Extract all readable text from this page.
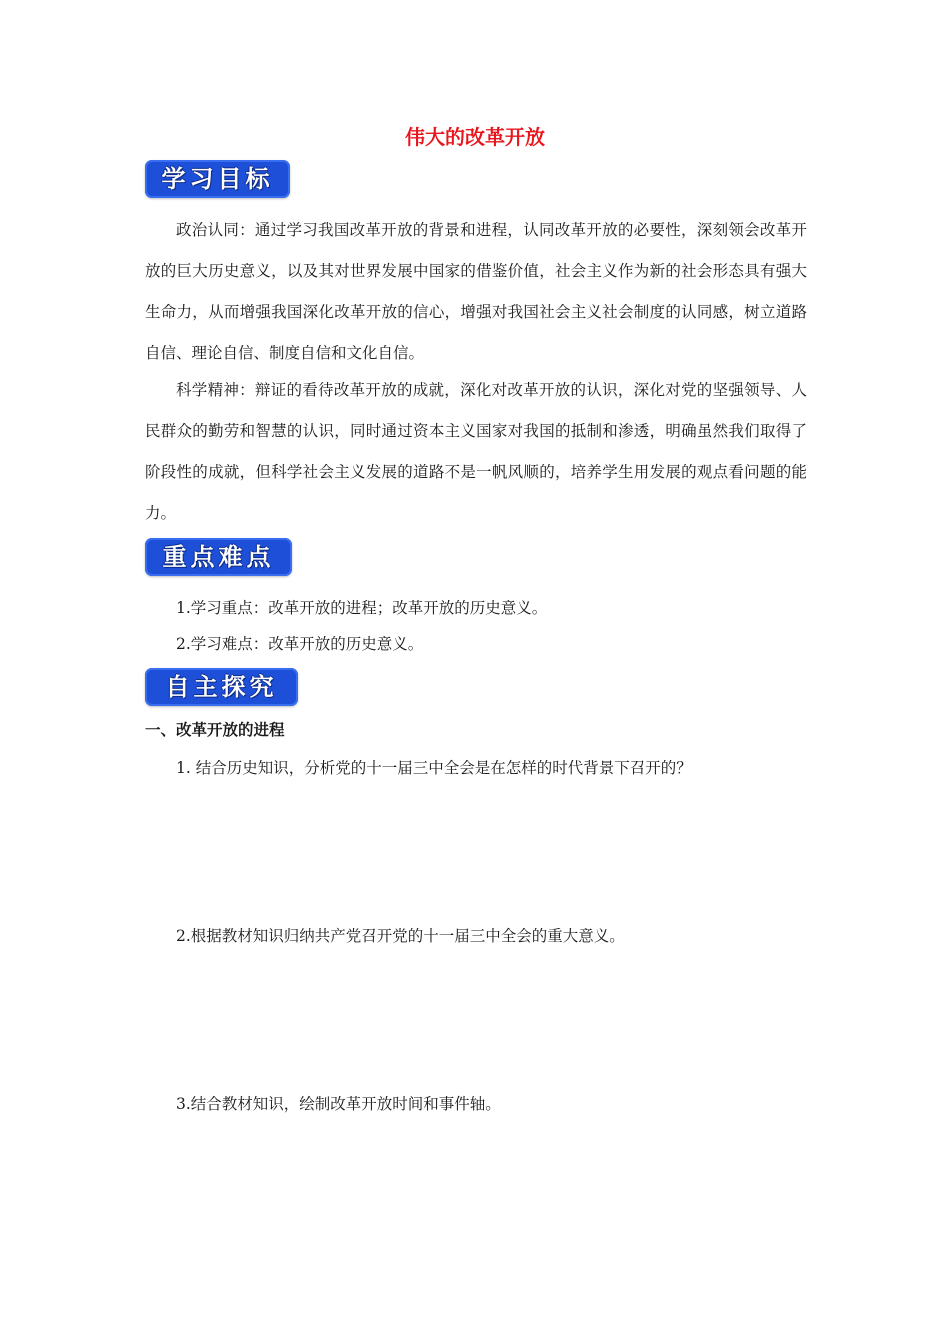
伟大的改革开放
学习目标
政治认同：通过学习我国改革开放的背景和进程，认同改革开放的必要性，深刻领会改革开放的巨大历史意义，以及其对世界发展中国家的借鉴价值，社会主义作为新的社会形态具有强大生命力，从而增强我国深化改革开放的信心，增强对我国社会主义社会制度的认同感，树立道路自信、理论自信、制度自信和文化自信。
科学精神：辩证的看待改革开放的成就，深化对改革开放的认识，深化对党的坚强领导、人民群众的勤劳和智慧的认识，同时通过资本主义国家对我国的抵制和渗透，明确虽然我们取得了阶段性的成就，但科学社会主义发展的道路不是一帆风顺的，培养学生用发展的观点看问题的能力。
重点难点
1.学习重点：改革开放的进程；改革开放的历史意义。
2.学习难点：改革开放的历史意义。
自主探究
一、改革开放的进程
1. 结合历史知识，分析党的十一届三中全会是在怎样的时代背景下召开的？
2.根据教材知识归纳共产党召开党的十一届三中全会的重大意义。
3.结合教材知识，绘制改革开放时间和事件轴。
